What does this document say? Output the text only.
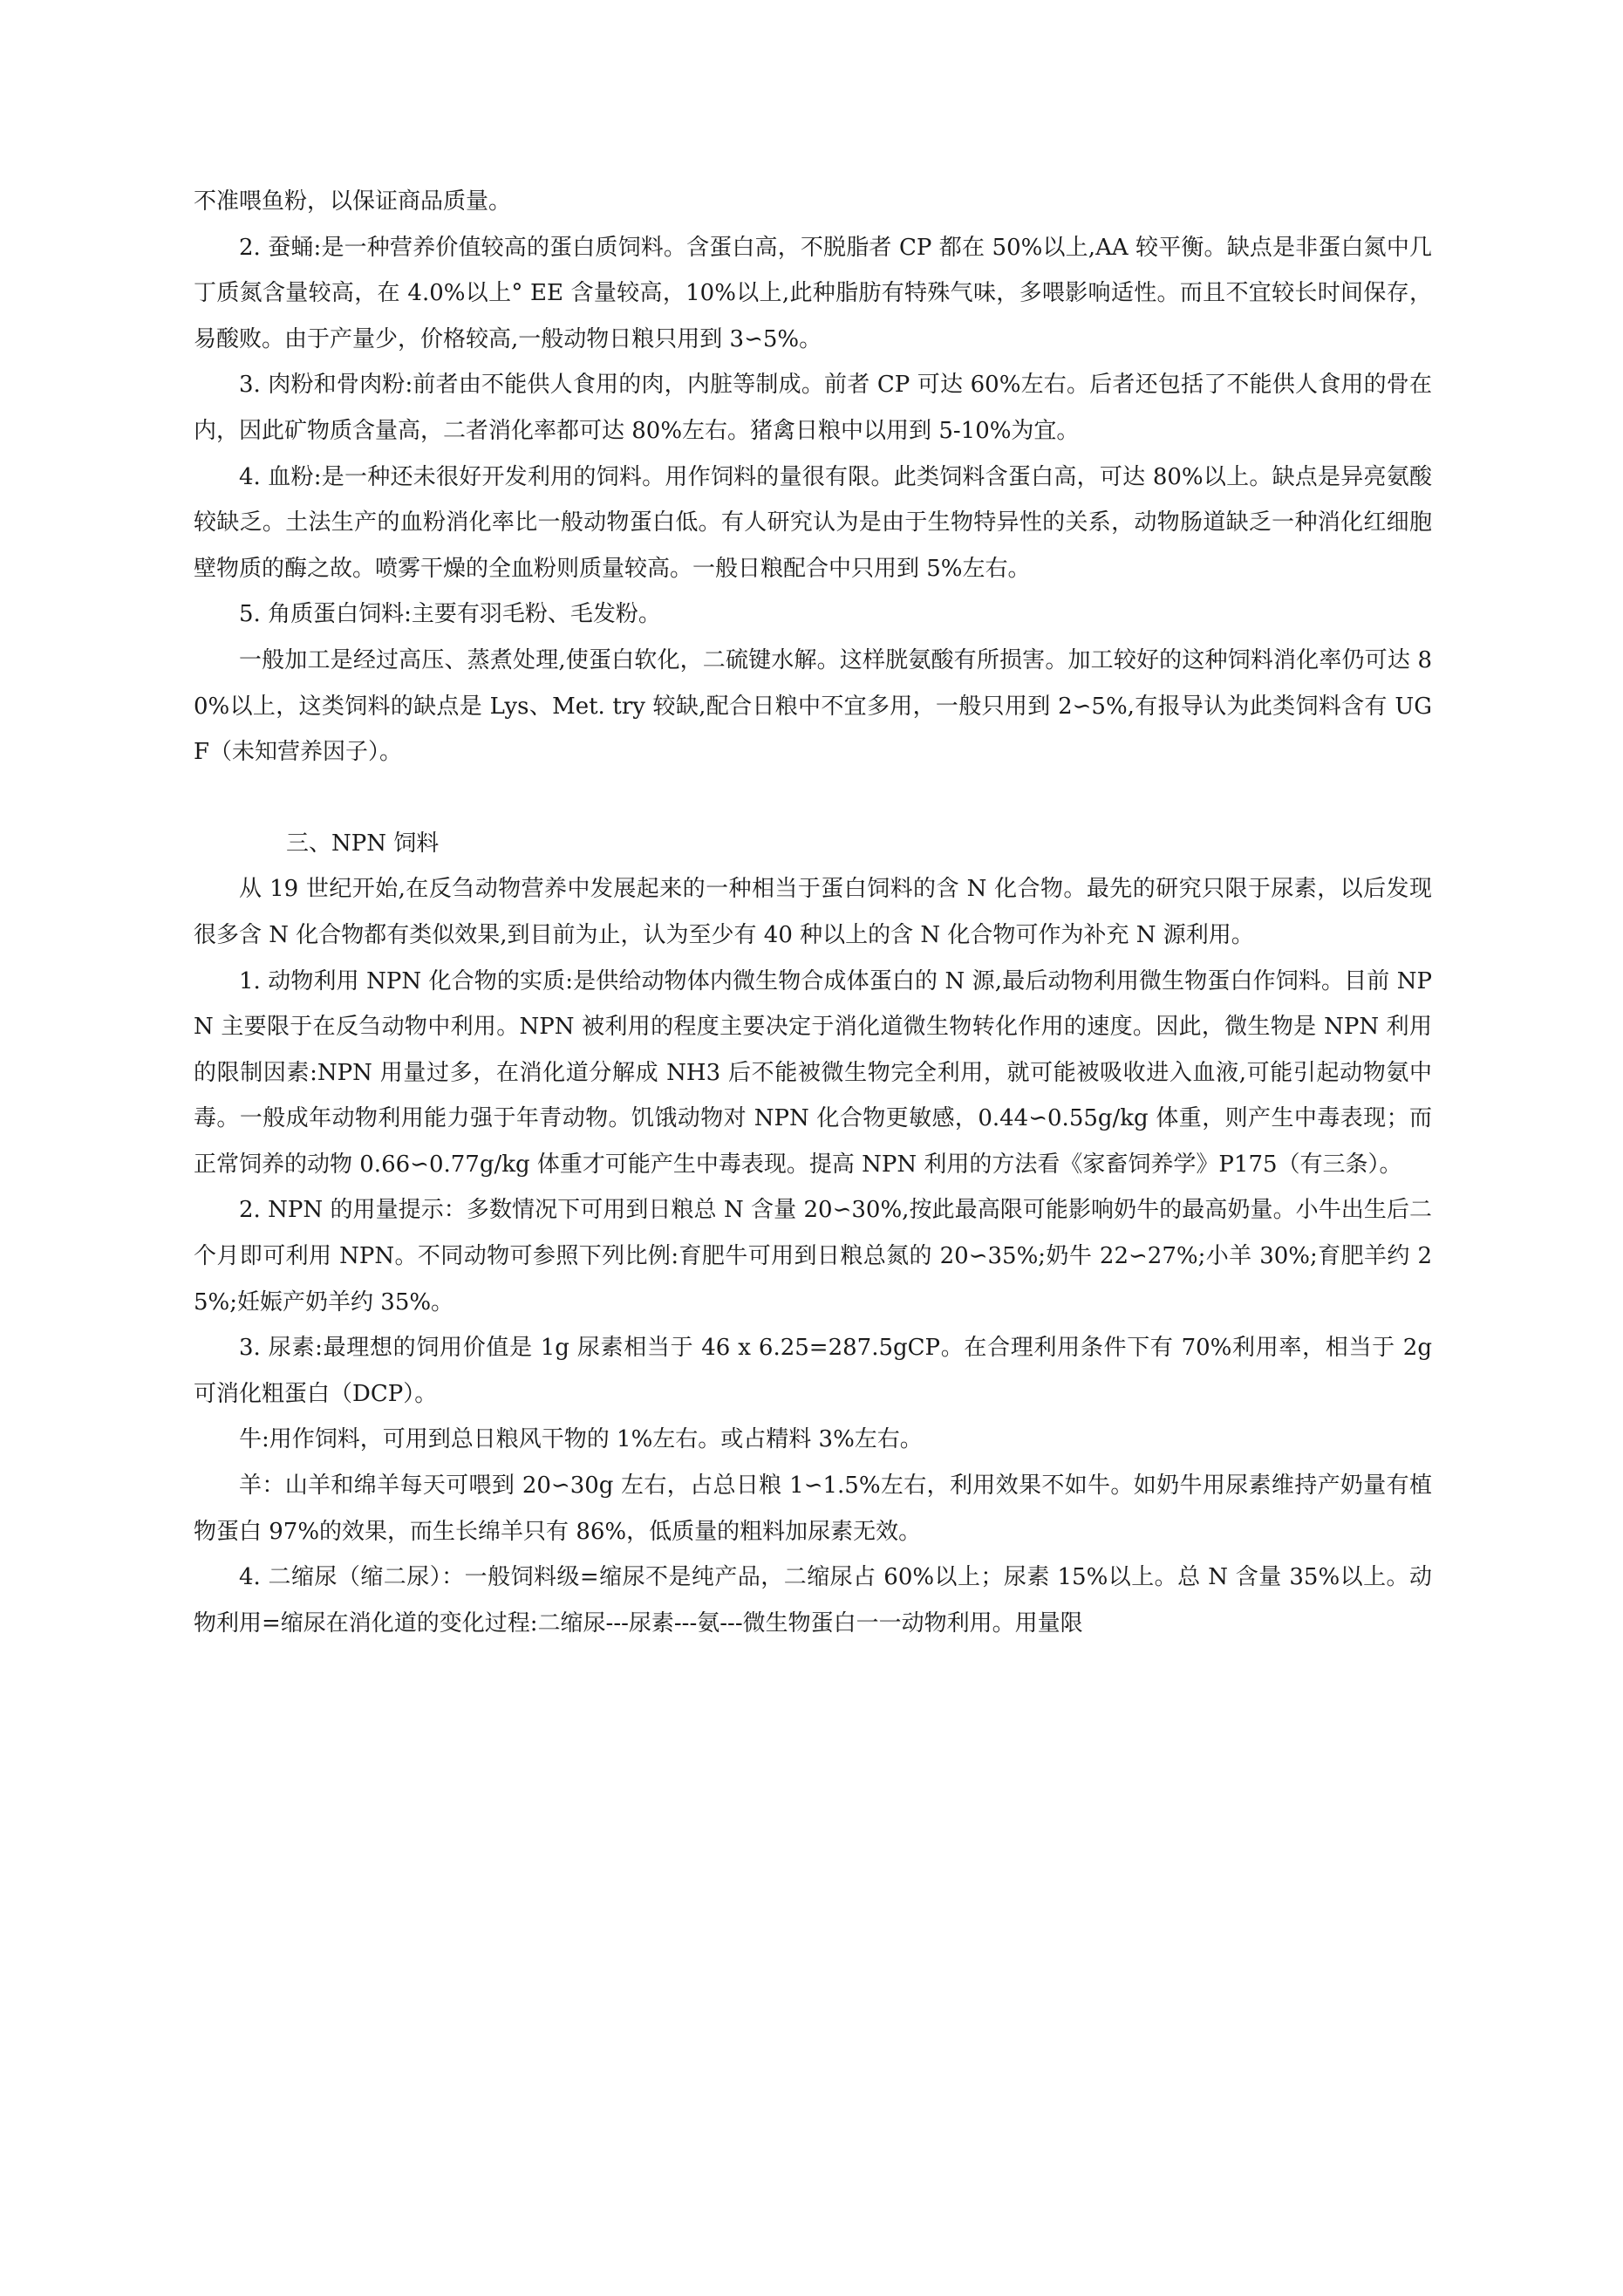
不准喂鱼粉，以保证商品质量。

2. 蚕蛹:是一种营养价值较高的蛋白质饲料。含蛋白高，不脱脂者 CP 都在 50%以上,AA 较平衡。缺点是非蛋白氮中几丁质氮含量较高，在 4.0%以上° EE 含量较高，10%以上,此种脂肪有特殊气味，多喂影响适性。而且不宜较长时间保存，易酸败。由于产量少，价格较高,一般动物日粮只用到 3∽5%。

3. 肉粉和骨肉粉:前者由不能供人食用的肉，内脏等制成。前者 CP 可达 60%左右。后者还包括了不能供人食用的骨在内，因此矿物质含量高，二者消化率都可达 80%左右。猪禽日粮中以用到 5-10%为宜。

4. 血粉:是一种还未很好开发利用的饲料。用作饲料的量很有限。此类饲料含蛋白高，可达 80%以上。缺点是异亮氨酸较缺乏。土法生产的血粉消化率比一般动物蛋白低。有人研究认为是由于生物特异性的关系，动物肠道缺乏一种消化红细胞壁物质的酶之故。喷雾干燥的全血粉则质量较高。一般日粮配合中只用到 5%左右。

5. 角质蛋白饲料:主要有羽毛粉、毛发粉。

一般加工是经过高压、蒸煮处理,使蛋白软化，二硫键水解。这样胱氨酸有所损害。加工较好的这种饲料消化率仍可达 80%以上，这类饲料的缺点是 Lys、Met. try 较缺,配合日粮中不宜多用，一般只用到 2∽5%,有报导认为此类饲料含有 UGF（未知营养因子）。

三、NPN 饲料

从 19 世纪开始,在反刍动物营养中发展起来的一种相当于蛋白饲料的含 N 化合物。最先的研究只限于尿素，以后发现很多含 N 化合物都有类似效果,到目前为止，认为至少有 40 种以上的含 N 化合物可作为补充 N 源利用。

1. 动物利用 NPN 化合物的实质:是供给动物体内微生物合成体蛋白的 N 源,最后动物利用微生物蛋白作饲料。目前 NPN 主要限于在反刍动物中利用。NPN 被利用的程度主要决定于消化道微生物转化作用的速度。因此，微生物是 NPN 利用的限制因素:NPN 用量过多，在消化道分解成 NH3 后不能被微生物完全利用，就可能被吸收进入血液,可能引起动物氨中毒。一般成年动物利用能力强于年青动物。饥饿动物对 NPN 化合物更敏感，0.44∽0.55g/kg 体重，则产生中毒表现；而正常饲养的动物 0.66∽0.77g/kg 体重才可能产生中毒表现。提高 NPN 利用的方法看《家畜饲养学》P175（有三条）。

2. NPN 的用量提示：多数情况下可用到日粮总 N 含量 20∽30%,按此最高限可能影响奶牛的最高奶量。小牛出生后二个月即可利用 NPN。不同动物可参照下列比例:育肥牛可用到日粮总氮的 20∽35%;奶牛 22∽27%;小羊 30%;育肥羊约 25%;妊娠产奶羊约 35%。

3. 尿素:最理想的饲用价值是 1g 尿素相当于 46 x 6.25=287.5gCP。在合理利用条件下有 70%利用率，相当于 2g 可消化粗蛋白（DCP）。

牛:用作饲料，可用到总日粮风干物的 1%左右。或占精料 3%左右。

羊：山羊和绵羊每天可喂到 20∽30g 左右，占总日粮 1∽1.5%左右，利用效果不如牛。如奶牛用尿素维持产奶量有植物蛋白 97%的效果，而生长绵羊只有 86%，低质量的粗料加尿素无效。

4. 二缩尿（缩二尿）：一般饲料级=缩尿不是纯产品，二缩尿占 60%以上；尿素 15%以上。总 N 含量 35%以上。动物利用=缩尿在消化道的变化过程:二缩尿---尿素---氨---微生物蛋白一一动物利用。用量限
